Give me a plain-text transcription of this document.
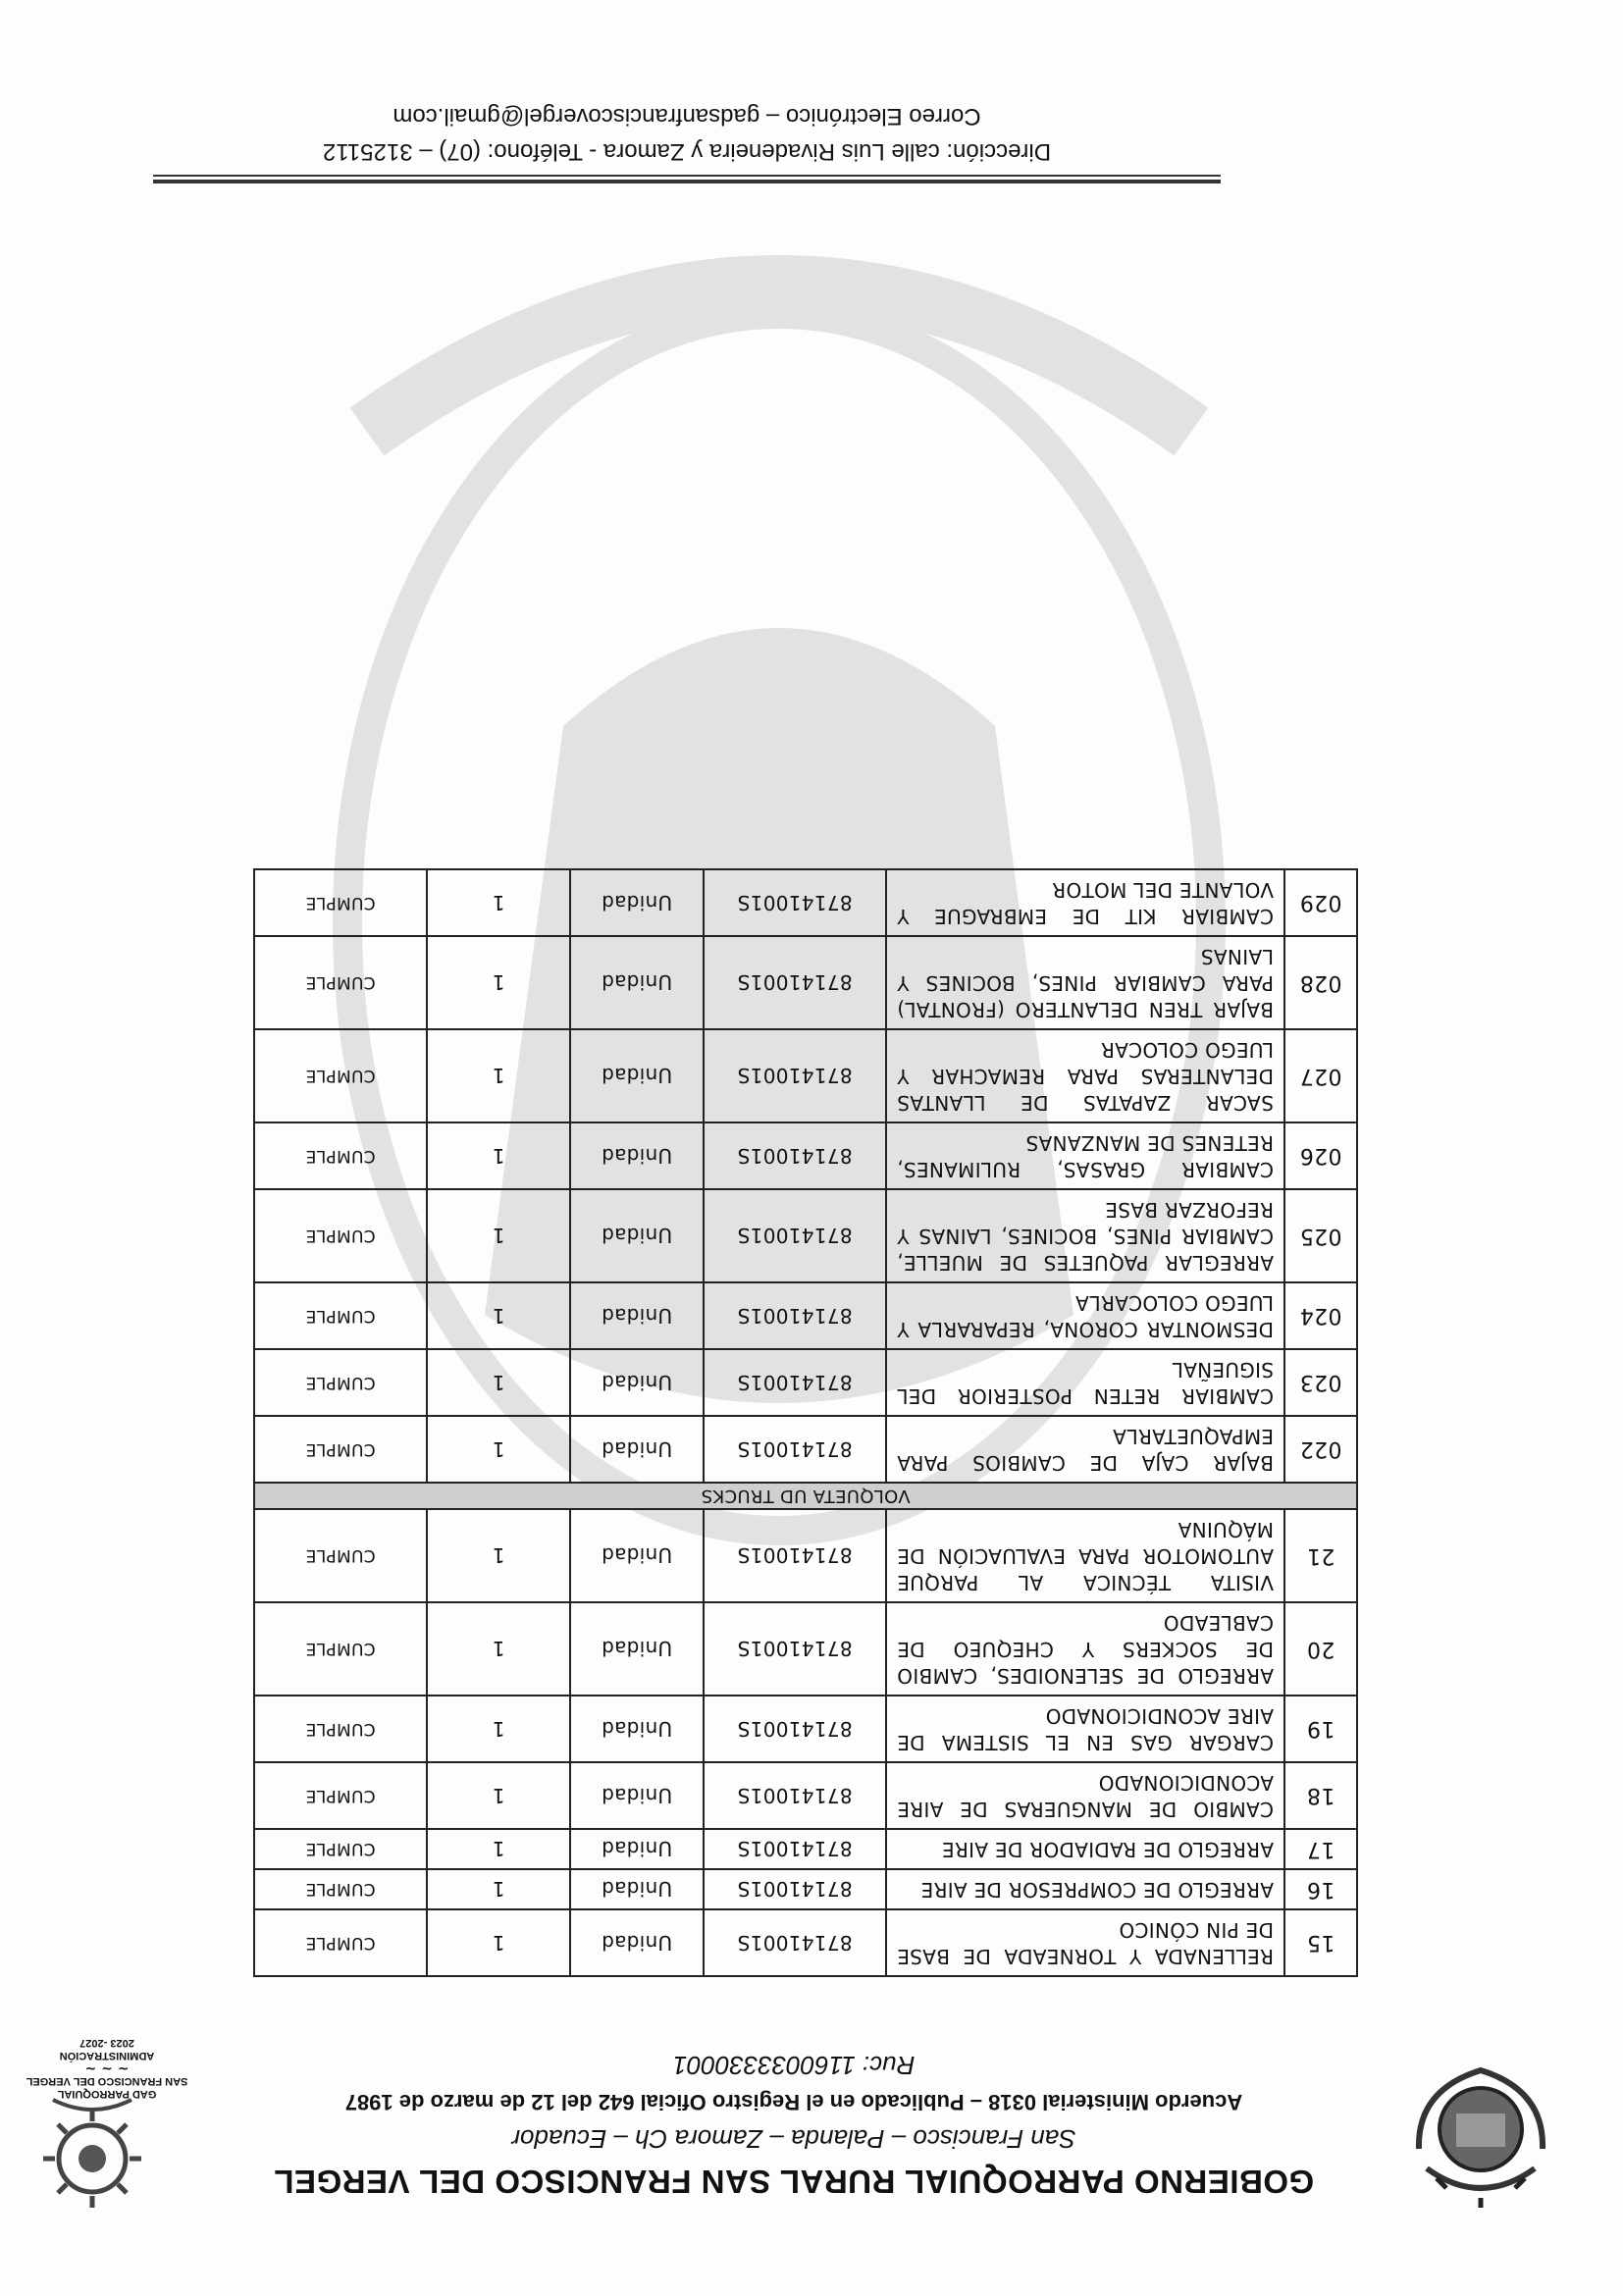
GOBIERNO PARROQUIAL RURAL SAN FRANCISCO DEL VERGEL
San Francisco – Palanda – Zamora Ch – Ecuador
Acuerdo Ministerial 0318 – Publicado en el Registro Oficial 642 del 12 de marzo de 1987
Ruc: 1160033330001
GAD PARROQUIAL
SAN FRANCISCO DEL VERGEL
~ ~ ~
ADMINISTRACIÓN
2023 -2027
15	RELLENADA Y TORNEADA DE BASE DE PIN CÓNICO	87141001S	Unidad	1	CUMPLE
16	ARREGLO DE COMPRESOR DE AIRE	87141001S	Unidad	1	CUMPLE
17	ARREGLO DE RADIADOR DE AIRE	87141001S	Unidad	1	CUMPLE
18	CAMBIO DE MANGUERAS DE AIRE ACONDICIONADO	87141001S	Unidad	1	CUMPLE
19	CARGAR GAS EN EL SISTEMA DE AIRE ACONDICIONADO	87141001S	Unidad	1	CUMPLE
20	ARREGLO DE SELENOIDES, CAMBIO DE SOCKERS Y CHEQUEO DE CABLEADO	87141001S	Unidad	1	CUMPLE
21	VISITA TÉCNICA AL PARQUE AUTOMOTOR PARA EVALUACIÓN DE MÁQUINA	87141001S	Unidad	1	CUMPLE
VOLQUETA UD TRUCKS					
022	BAJAR CAJA DE CAMBIOS PARA EMPAQUETARLA	87141001S	Unidad	1	CUMPLE
023	CAMBIAR RETEN POSTERIOR DEL SIGUEÑAL	87141001S	Unidad	1	CUMPLE
024	DESMONTAR CORONA, REPARARLA Y LUEGO COLOCARLA	87141001S	Unidad	1	CUMPLE
025	ARREGLAR PAQUETES DE MUELLE, CAMBIAR PINES, BOCINES, LAINAS Y REFORZAR BASE	87141001S	Unidad	1	CUMPLE
026	CAMBIAR GRASAS, RULIMANES, RETENES DE MANZANAS	87141001S	Unidad	1	CUMPLE
027	SACAR ZAPATAS DE LLANTAS DELANTERAS PARA REMACHAR Y LUEGO COLOCAR	87141001S	Unidad	1	CUMPLE
028	BAJAR TREN DELANTERO (FRONTAL) PARA CAMBIAR PINES, BOCINES Y LAINAS	87141001S	Unidad	1	CUMPLE
029	CAMBIAR KIT DE EMBRAGUE Y VOLANTE DEL MOTOR	87141001S	Unidad	1	CUMPLE
Dirección: calle Luis Rivadeneira y Zamora - Teléfono: (07) – 3125112
Correo Electrónico – gadsanfranciscovergel@gmail.com
